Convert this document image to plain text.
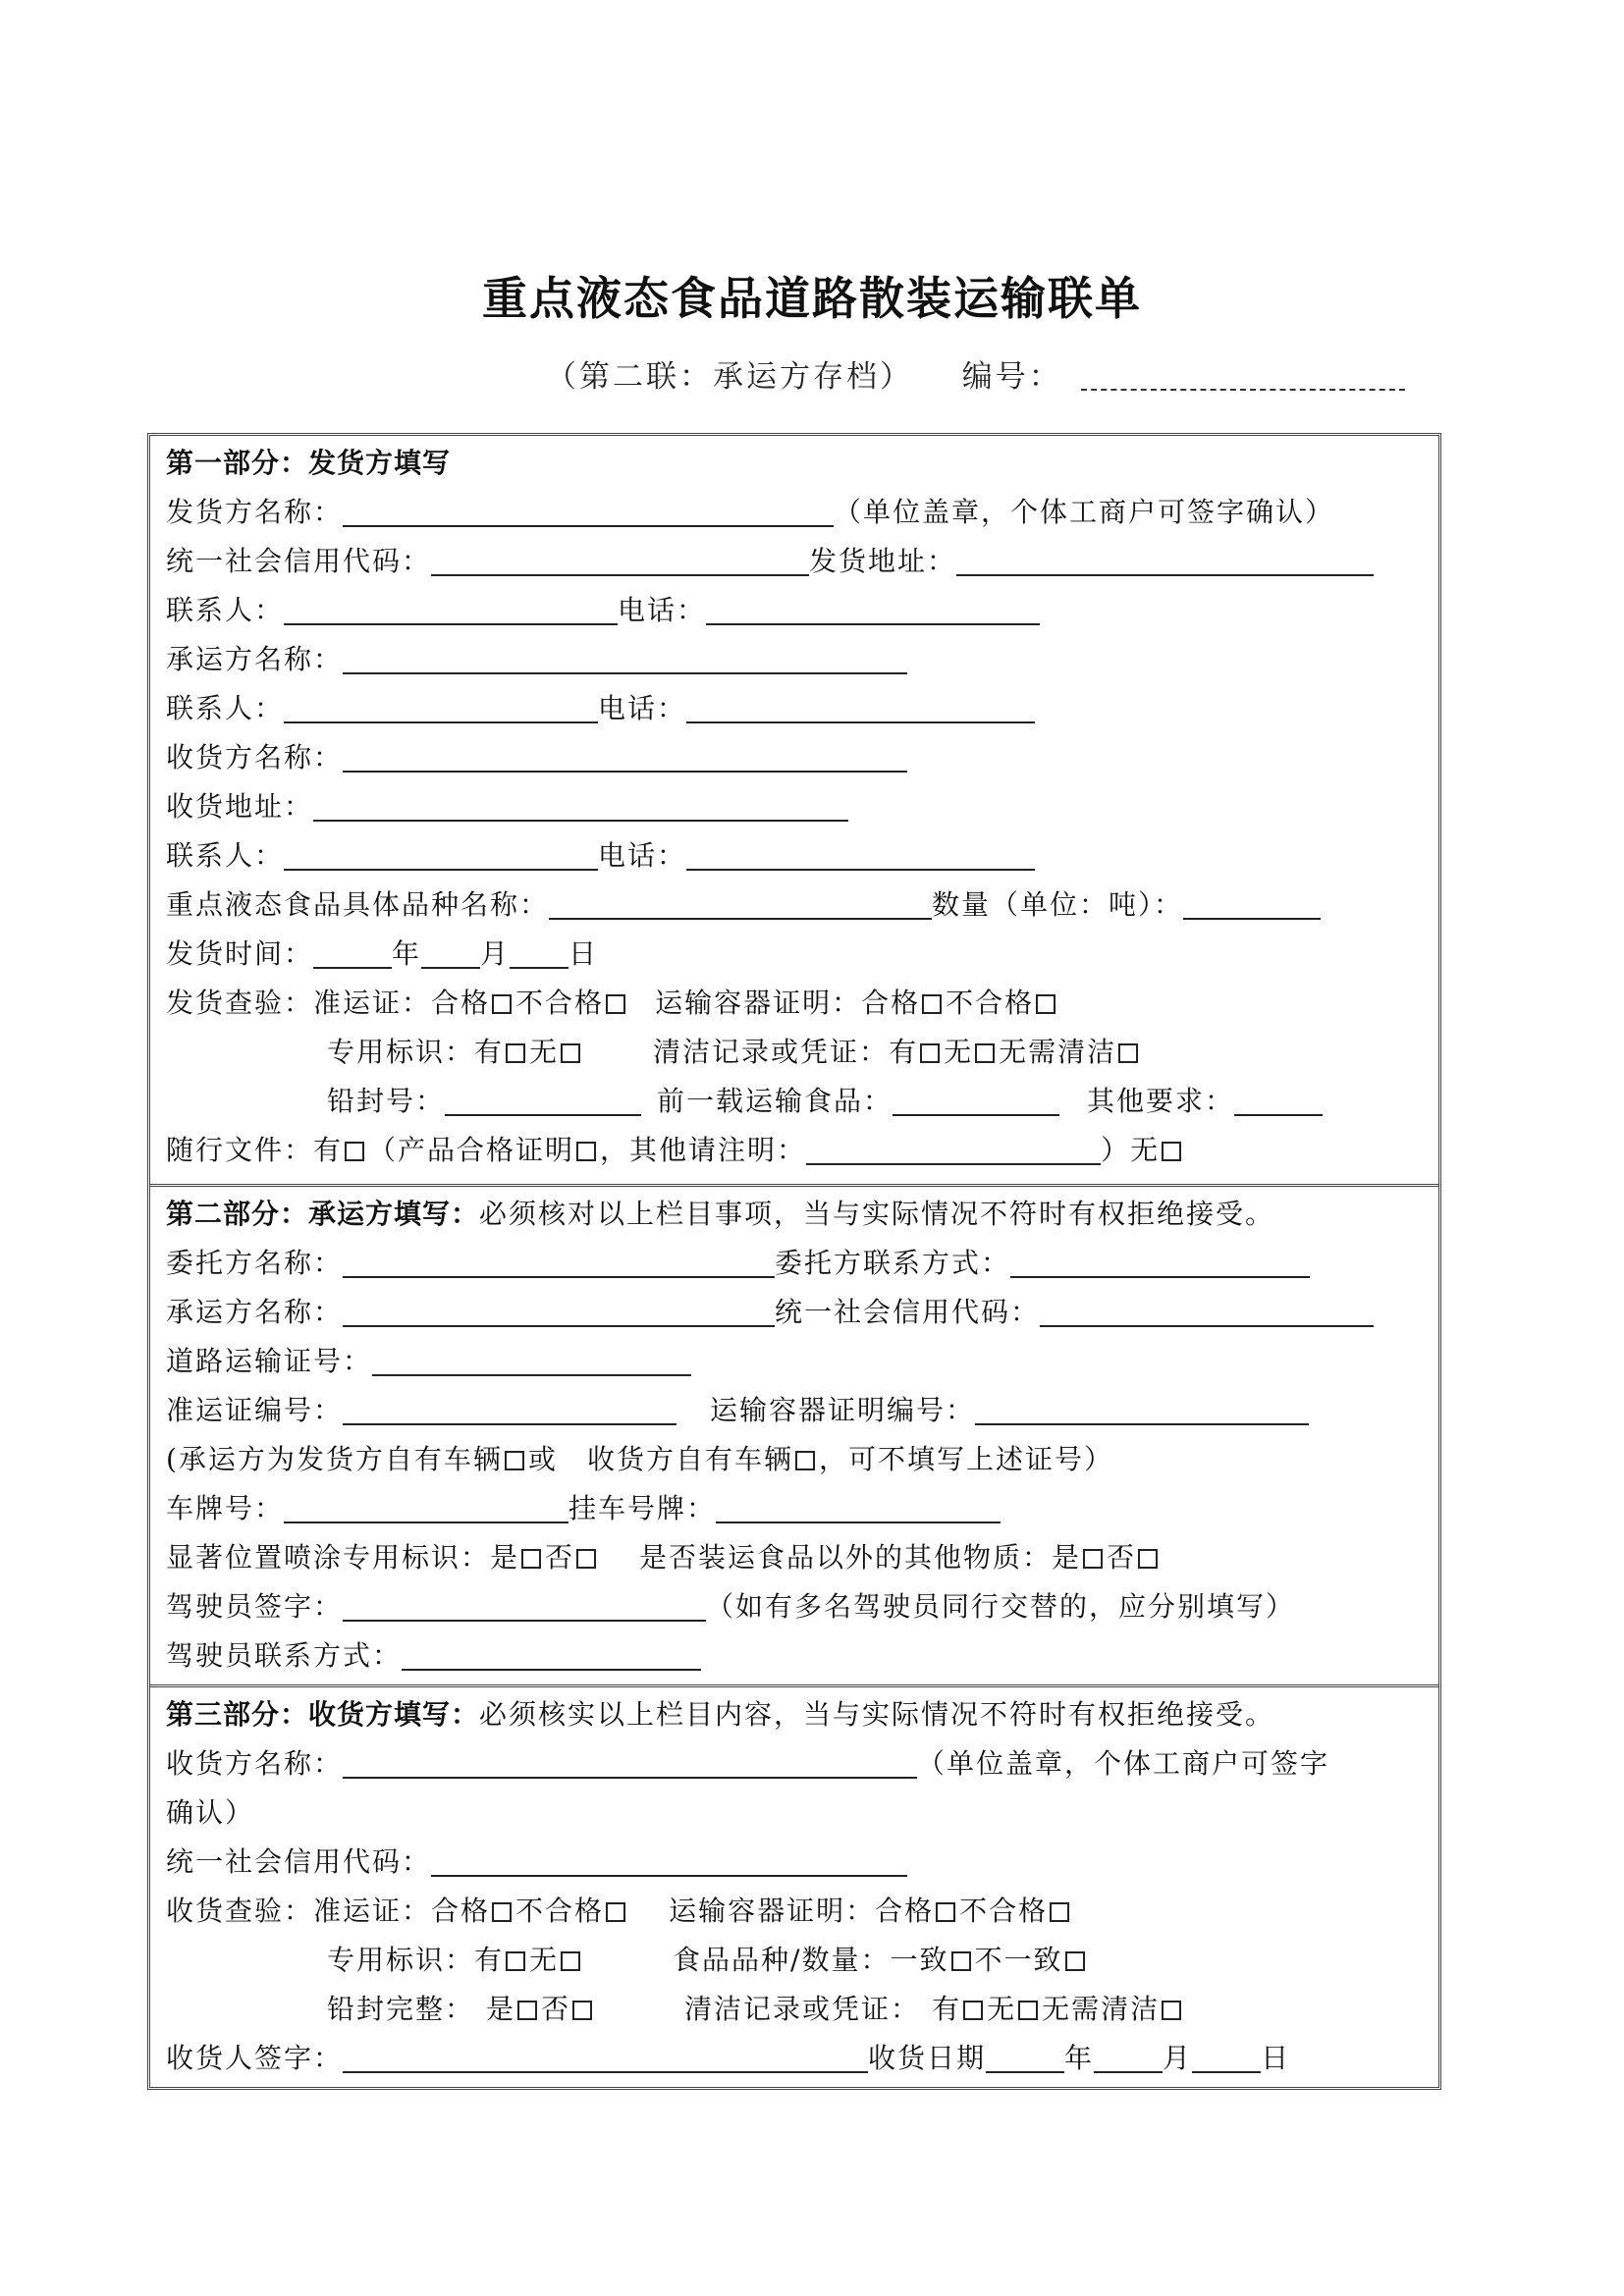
重点液态食品道路散装运输联单
（第二联：承运方存档） 编号：
第一部分：发货方填写
发货方名称：	（单位盖章，个体工商户可签字确认）
统一社会信用代码：	发货地址：
联系人：	电话：
承运方名称：
联系人：	电话：
收货方名称：
收货地址：
联系人：	电话：
重点液态食品具体品种名称：	数量（单位：吨）：
发货时间：	年 月 日
发货查验：准运证：合格 不合格 运输容器证明：合格 不合格
专用标识：有 无	清洁记录或凭证：有 无 无需清洁
铅封号：	前一载运输食品：	其他要求：
随行文件：有 （产品合格证明 ，其他请注明：	）无
第二部分：承运方填写：必须核对以上栏目事项，当与实际情况不符时有权拒绝接受。
委托方名称：	委托方联系方式：
承运方名称：	统一社会信用代码：
道路运输证号：
准运证编号：	运输容器证明编号：
(承运方为发货方自有车辆 或　收货方自有车辆 ，可不填写上述证号）
车牌号：	挂车号牌：
显著位置喷涂专用标识：是 否 是否装运食品以外的其他物质：是 否
驾驶员签字：	（如有多名驾驶员同行交替的，应分别填写）
驾驶员联系方式：
第三部分：收货方填写：必须核实以上栏目内容，当与实际情况不符时有权拒绝接受。
收货方名称：	（单位盖章，个体工商户可签字
确认）
统一社会信用代码：
收货查验：准运证：合格 不合格 运输容器证明：合格 不合格
专用标识：有 无	食品品种/数量：一致 不一致
铅封完整： 是 否	清洁记录或凭证： 有 无 无需清洁
收货人签字：	收货日期	年	月	日
